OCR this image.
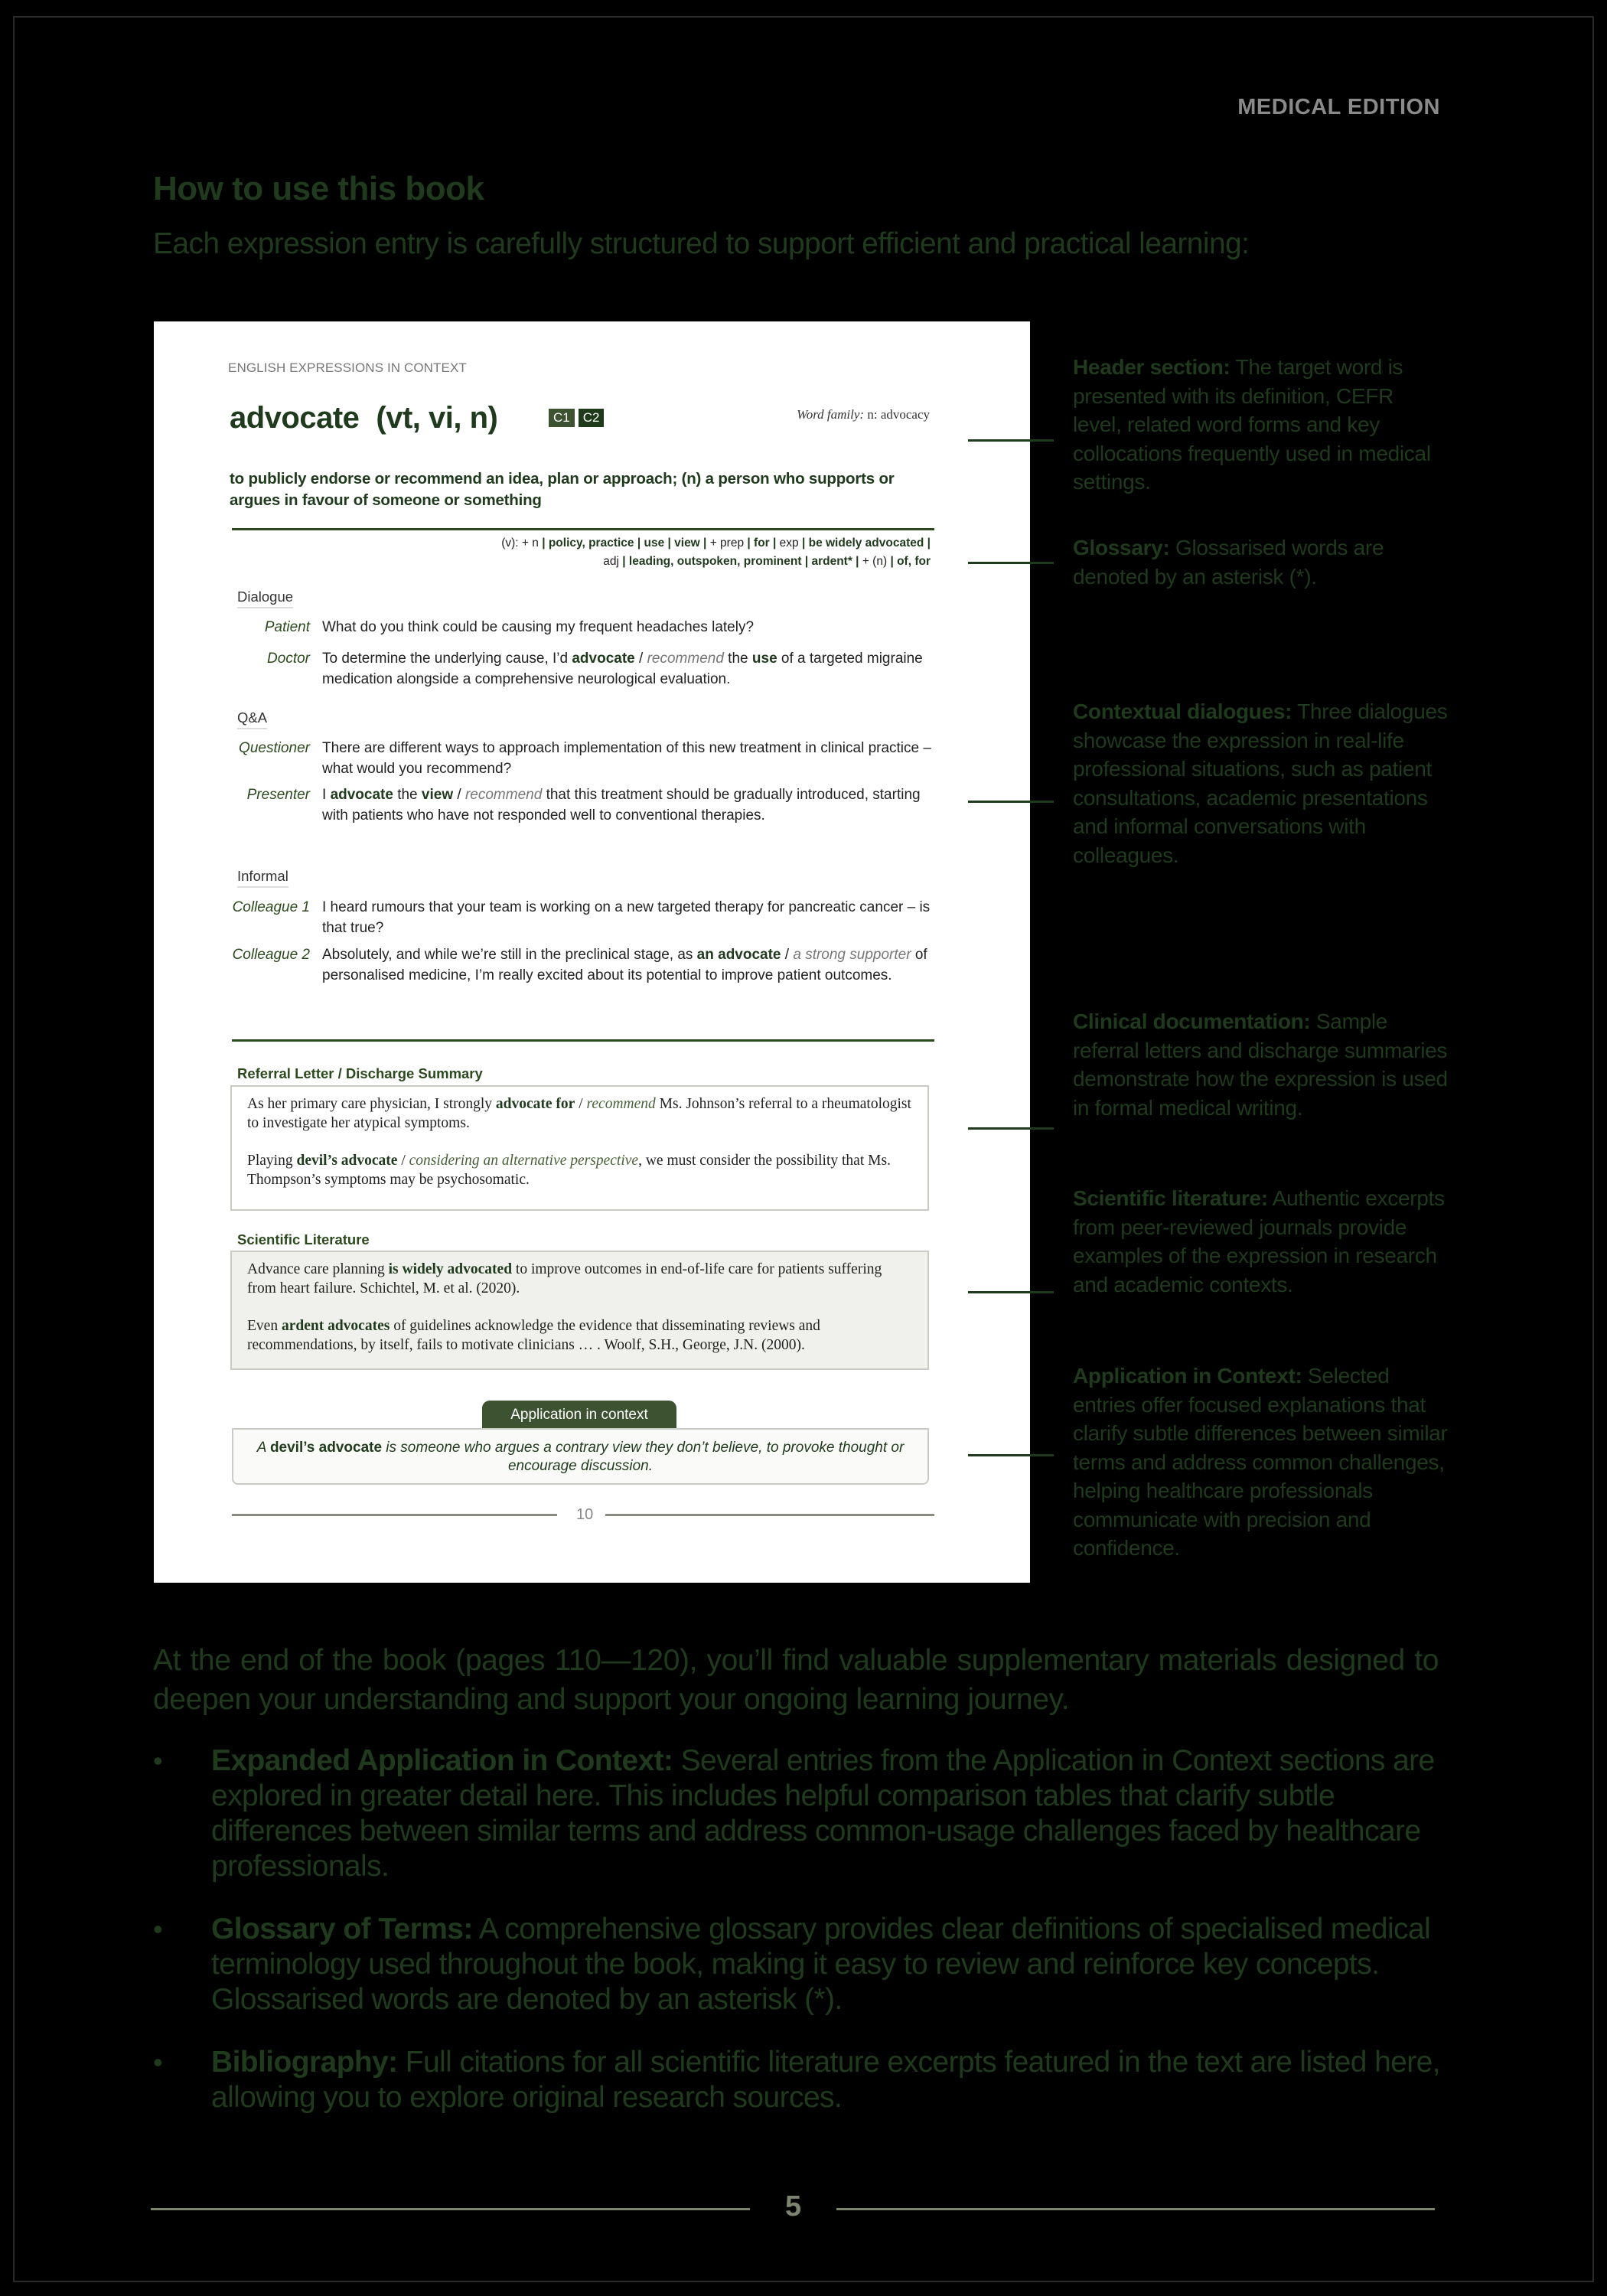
MEDICAL EDITION
How to use this book
Each expression entry is carefully structured to support efficient and practical learning:
ENGLISH EXPRESSIONS IN CONTEXT
advocate (vt, vi, n)	C1	C2	Word family: n: advocacy
to publicly endorse or recommend an idea, plan or approach; (n) a person who supports or argues in favour of someone or something
(v): + n | policy, practice | use | view | + prep | for | exp | be widely advocated |
adj | leading, outspoken, prominent | ardent* | + (n) | of, for
Dialogue
Patient What do you think could be causing my frequent headaches lately?
Doctor To determine the underlying cause, I’d advocate / recommend the use of a targeted migraine medication alongside a comprehensive neurological evaluation.
Q&A
Questioner There are different ways to approach implementation of this new treatment in clinical practice – what would you recommend?
Presenter I advocate the view / recommend that this treatment should be gradually introduced, starting with patients who have not responded well to conventional therapies.
Informal
Colleague 1 I heard rumours that your team is working on a new targeted therapy for pancreatic cancer – is that true?
Colleague 2 Absolutely, and while we’re still in the preclinical stage, as an advocate / a strong supporter of personalised medicine, I’m really excited about its potential to improve patient outcomes.
Referral Letter / Discharge Summary

As her primary care physician, I strongly advocate for / recommend Ms. Johnson’s referral to a rheumatologist to investigate her atypical symptoms.

Playing devil’s advocate / considering an alternative perspective, we must consider the possibility that Ms. Thompson’s symptoms may be psychosomatic.

Scientific Literature

Advance care planning is widely advocated to improve outcomes in end-of-life care for patients suffering from heart failure. Schichtel, M. et al. (2020).

Even ardent advocates of guidelines acknowledge the evidence that disseminating reviews and recommendations, by itself, fails to motivate clinicians … . Woolf, S.H., George, J.N. (2000).

Application in context
A devil’s advocate is someone who argues a contrary view they don’t believe, to provoke thought or encourage discussion.
10
Header section: The target word is presented with its definition, CEFR level, related word forms and key collocations frequently used in medical settings.
Glossary: Glossarised words are denoted by an asterisk (*).
Contextual dialogues: Three dialogues showcase the expression in real-life professional situations, such as patient consultations, academic presentations and informal conversations with colleagues.
Clinical documentation: Sample referral letters and discharge summaries demonstrate how the expression is used in formal medical writing.
Scientific literature: Authentic excerpts from peer-reviewed journals provide examples of the expression in research and academic contexts.
Application in Context: Selected entries offer focused explanations that clarify subtle differences between similar terms and address common challenges, helping healthcare professionals communicate with precision and confidence.

At the end of the book (pages 110—120), you’ll find valuable supplementary materials designed to deepen your understanding and support your ongoing learning journey.

• Expanded Application in Context: Several entries from the Application in Context sections are explored in greater detail here. This includes helpful comparison tables that clarify subtle differences between similar terms and address common-usage challenges faced by healthcare professionals.
• Glossary of Terms: A comprehensive glossary provides clear definitions of specialised medical terminology used throughout the book, making it easy to review and reinforce key concepts. Glossarised words are denoted by an asterisk (*).
• Bibliography: Full citations for all scientific literature excerpts featured in the text are listed here, allowing you to explore original research sources.
5
